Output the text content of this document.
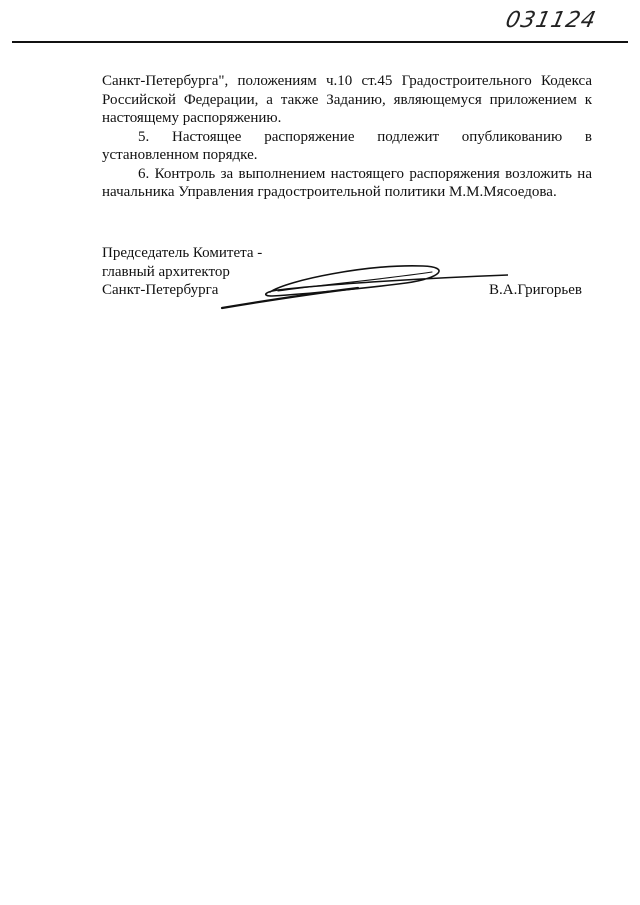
031124

Санкт-Петербурга", положениям ч.10 ст.45 Градостроительного Кодекса Российской Федерации, а также Заданию, являющемуся приложением к настоящему распоряжению.

5. Настоящее распоряжение подлежит опубликованию в установленном порядке.

6. Контроль за выполнением настоящего распоряжения возложить на начальника Управления градостроительной политики М.М.Мясоедова.

Председатель Комитета -
главный архитектор
Санкт-Петербурга	В.А.Григорьев
